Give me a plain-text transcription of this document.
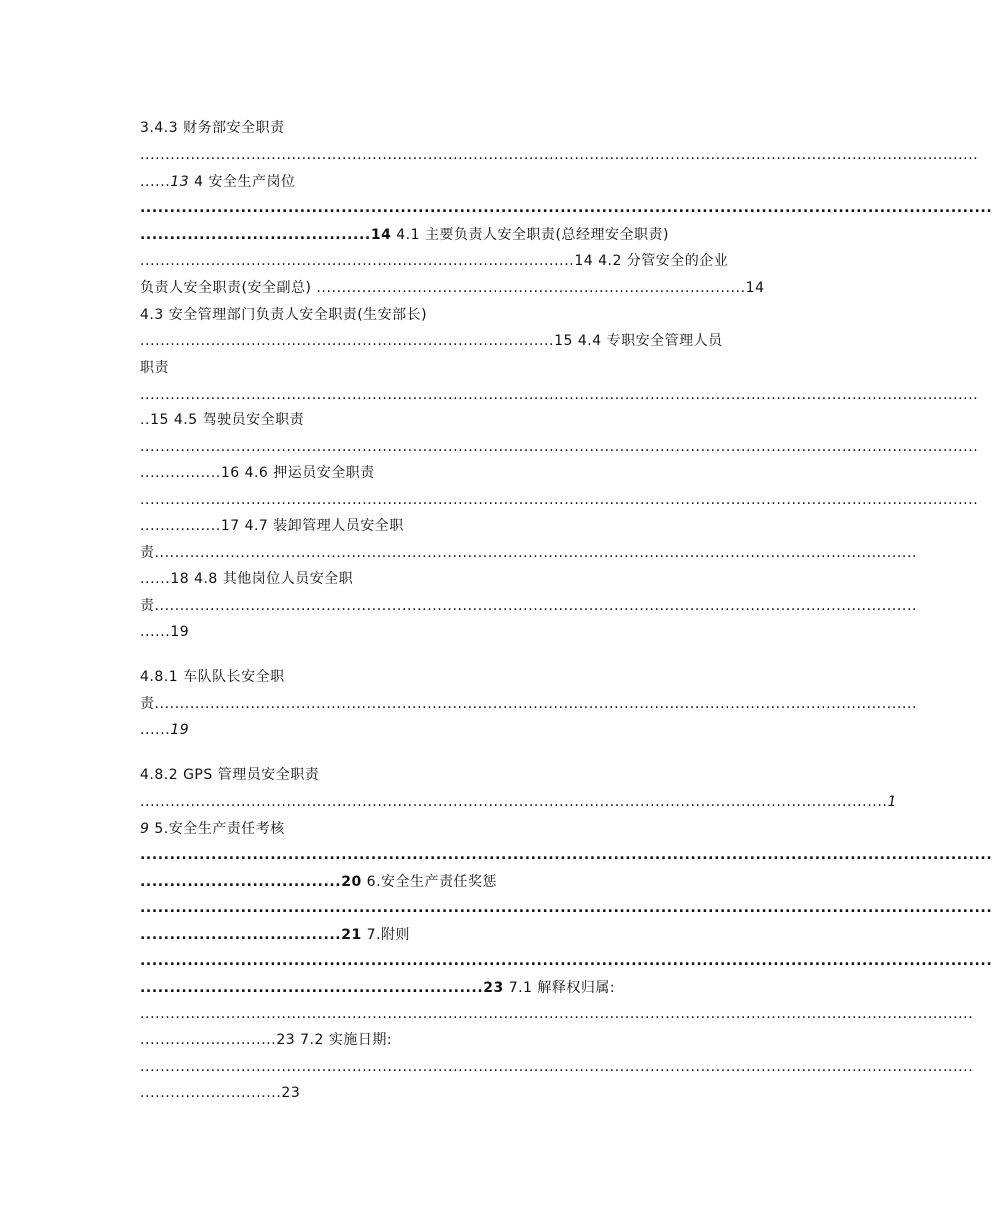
3.4.3 财务部安全职责
......................................................................................................................................................................
......13 4 安全生产岗位
................................................................................................................................................
.......................................14 4.1 主要负责人安全职责(总经理安全职责)
......................................................................................14 4.2 分管安全的企业
负责人安全职责(安全副总) .....................................................................................14
4.3 安全管理部门负责人安全职责(生安部长)
..................................................................................15 4.4 专职安全管理人员
职责
......................................................................................................................................................................
..15 4.5 驾驶员安全职责
......................................................................................................................................................................
................16 4.6 押运员安全职责
......................................................................................................................................................................
................17 4.7 装卸管理人员安全职
责.......................................................................................................................................................
......18 4.8 其他岗位人员安全职
责.......................................................................................................................................................
......19
4.8.1 车队队长安全职
责.......................................................................................................................................................
......19
4.8.2 GPS 管理员安全职责
....................................................................................................................................................1
9 5.安全生产责任考核
................................................................................................................................................
..................................20 6.安全生产责任奖惩
................................................................................................................................................
..................................21 7.附则
................................................................................................................................................
..........................................................23 7.1 解释权归属:
.....................................................................................................................................................................
...........................23 7.2 实施日期:
.....................................................................................................................................................................
............................23
